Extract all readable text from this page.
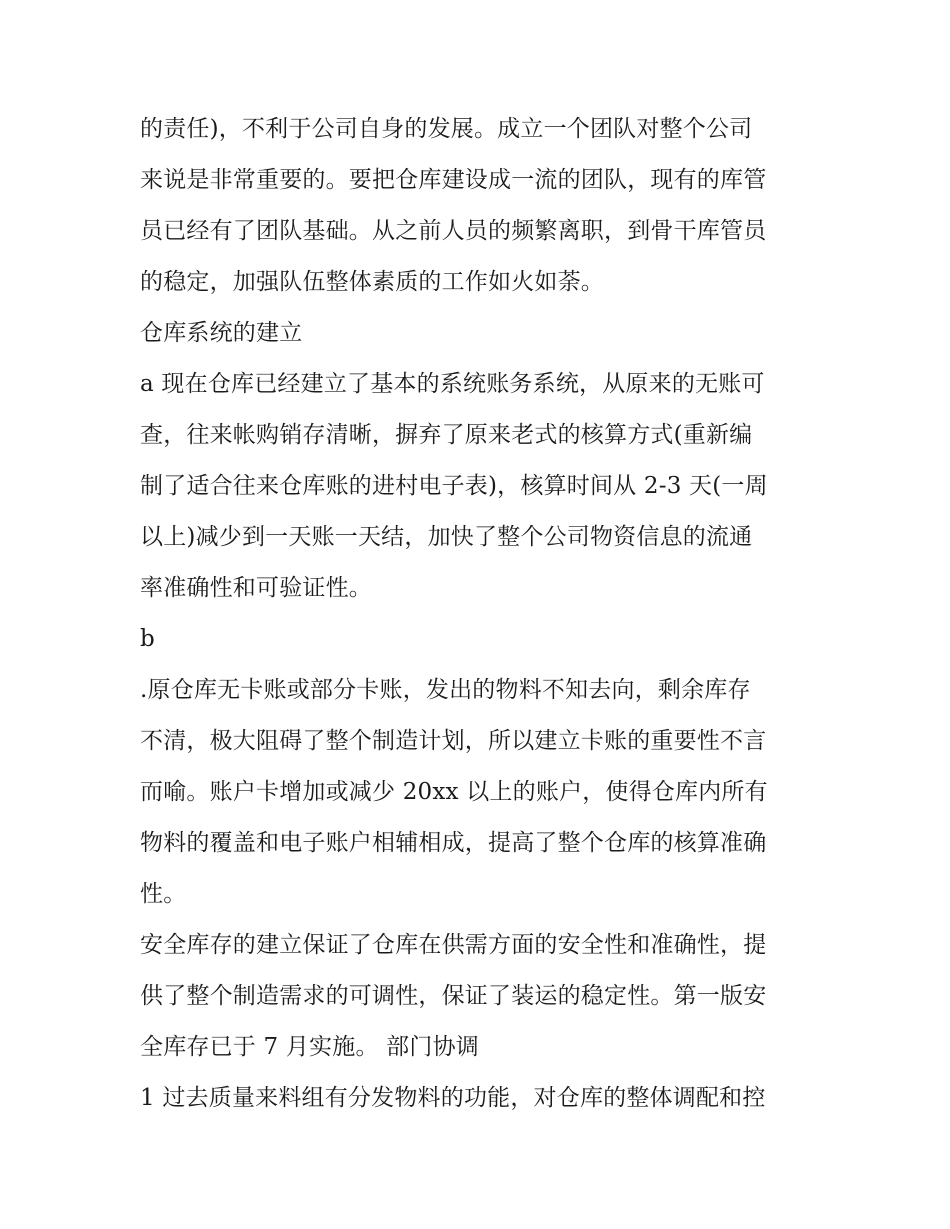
的责任)，不利于公司自身的发展。成立一个团队对整个公司
来说是非常重要的。要把仓库建设成一流的团队，现有的库管
员已经有了团队基础。从之前人员的频繁离职，到骨干库管员
的稳定，加强队伍整体素质的工作如火如荼。
仓库系统的建立
a 现在仓库已经建立了基本的系统账务系统，从原来的无账可
查，往来帐购销存清晰，摒弃了原来老式的核算方式(重新编
制了适合往来仓库账的进村电子表)，核算时间从 2-3 天(一周
以上)减少到一天账一天结，加快了整个公司物资信息的流通
率准确性和可验证性。
b
.原仓库无卡账或部分卡账，发出的物料不知去向，剩余库存
不清，极大阻碍了整个制造计划，所以建立卡账的重要性不言
而喻。账户卡增加或减少 20xx 以上的账户，使得仓库内所有
物料的覆盖和电子账户相辅相成，提高了整个仓库的核算准确
性。
安全库存的建立保证了仓库在供需方面的安全性和准确性，提
供了整个制造需求的可调性，保证了装运的稳定性。第一版安
全库存已于 7 月实施。 部门协调
1 过去质量来料组有分发物料的功能，对仓库的整体调配和控
